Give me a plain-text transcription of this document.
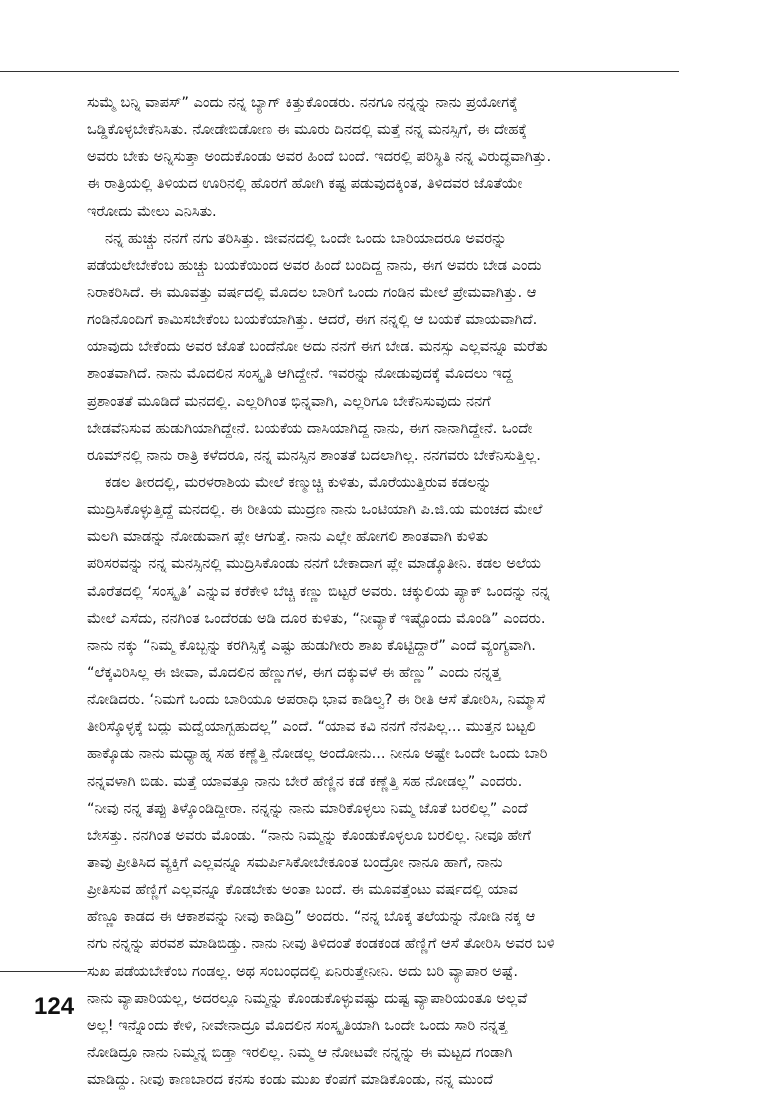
ಸುಮ್ಮೆ ಬನ್ನಿ ವಾಪಸ್” ಎಂದು ನನ್ನ ಬ್ಯಾಗ್ ಕಿತ್ತುಕೊಂಡರು. ನನಗೂ ನನ್ನನ್ನು ನಾನು ಪ್ರಯೋಗಕ್ಕೆ
ಒಡ್ಡಿಕೊಳ್ಳಬೇಕೆನಿಸಿತು. ನೋಡೇಬಿಡೋಣ ಈ ಮೂರು ದಿನದಲ್ಲಿ ಮತ್ತೆ ನನ್ನ ಮನಸ್ಸಿಗೆ, ಈ ದೇಹಕ್ಕೆ
ಅವರು ಬೇಕು ಅನ್ನಿಸುತ್ತಾ ಅಂದುಕೊಂಡು ಅವರ ಹಿಂದೆ ಬಂದೆ. ಇದರಲ್ಲಿ ಪರಿಸ್ಥಿತಿ ನನ್ನ ವಿರುದ್ಧವಾಗಿತ್ತು.
ಈ ರಾತ್ರಿಯಲ್ಲಿ ತಿಳಿಯದ ಊರಿನಲ್ಲಿ ಹೊರಗೆ ಹೋಗಿ ಕಷ್ಟ ಪಡುವುದಕ್ಕಿಂತ, ತಿಳಿದವರ ಜೊತೆಯೇ
ಇರೋದು ಮೇಲು ಎನಿಸಿತು.
ನನ್ನ ಹುಚ್ಚು ನನಗೆ ನಗು ತರಿಸಿತ್ತು. ಜೀವನದಲ್ಲಿ ಒಂದೇ ಒಂದು ಬಾರಿಯಾದರೂ ಅವರನ್ನು
ಪಡೆಯಲೇಬೇಕೆಂಬ ಹುಚ್ಚು ಬಯಕೆಯಿಂದ ಅವರ ಹಿಂದೆ ಬಂದಿದ್ದ ನಾನು, ಈಗ ಅವರು ಬೇಡ ಎಂದು
ನಿರಾಕರಿಸಿದೆ. ಈ ಮೂವತ್ತು ವರ್ಷದಲ್ಲಿ ಮೊದಲ ಬಾರಿಗೆ ಒಂದು ಗಂಡಿನ ಮೇಲೆ ಪ್ರೇಮವಾಗಿತ್ತು. ಆ
ಗಂಡಿನೊಂದಿಗೆ ಕಾಮಿಸಬೇಕೆಂಬ ಬಯಕೆಯಾಗಿತ್ತು. ಆದರೆ, ಈಗ ನನ್ನಲ್ಲಿ ಆ ಬಯಕೆ ಮಾಯವಾಗಿದೆ.
ಯಾವುದು ಬೇಕೆಂದು ಅವರ ಜೊತೆ ಬಂದೆನೋ ಅದು ನನಗೆ ಈಗ ಬೇಡ. ಮನಸ್ಸು ಎಲ್ಲವನ್ನೂ ಮರೆತು
ಶಾಂತವಾಗಿದೆ. ನಾನು ಮೊದಲಿನ ಸಂಸ್ಕೃತಿ ಆಗಿದ್ದೇನೆ. ಇವರನ್ನು ನೋಡುವುದಕ್ಕೆ ಮೊದಲು ಇದ್ದ
ಪ್ರಶಾಂತತೆ ಮೂಡಿದೆ ಮನದಲ್ಲಿ. ಎಲ್ಲರಿಗಿಂತ ಭಿನ್ನವಾಗಿ, ಎಲ್ಲರಿಗೂ ಬೇಕೆನಿಸುವುದು ನನಗೆ
ಬೇಡವೆನಿಸುವ ಹುಡುಗಿಯಾಗಿದ್ದೇನೆ. ಬಯಕೆಯ ದಾಸಿಯಾಗಿದ್ದ ನಾನು, ಈಗ ನಾನಾಗಿದ್ದೇನೆ. ಒಂದೇ
ರೂಮ್‌ನಲ್ಲಿ ನಾನು ರಾತ್ರಿ ಕಳೆದರೂ, ನನ್ನ ಮನಸ್ಸಿನ ಶಾಂತತೆ ಬದಲಾಗಿಲ್ಲ. ನನಗವರು ಬೇಕೆನಿಸುತ್ತಿಲ್ಲ.
ಕಡಲ ತೀರದಲ್ಲಿ, ಮರಳರಾಶಿಯ ಮೇಲೆ ಕಣ್ಮುಚ್ಚಿ ಕುಳಿತು, ಮೊರೆಯುತ್ತಿರುವ ಕಡಲನ್ನು
ಮುದ್ರಿಸಿಕೊಳ್ಳುತ್ತಿದ್ದೆ ಮನದಲ್ಲಿ. ಈ ರೀತಿಯ ಮುದ್ರಣ ನಾನು ಒಂಟಿಯಾಗಿ ಪಿ.ಜಿ.ಯ ಮಂಚದ ಮೇಲೆ
ಮಲಗಿ ಮಾಡನ್ನು ನೋಡುವಾಗ ಪ್ಲೇ ಆಗುತ್ತೆ. ನಾನು ಎಲ್ಲೇ ಹೋಗಲಿ ಶಾಂತವಾಗಿ ಕುಳಿತು
ಪರಿಸರವನ್ನು ನನ್ನ ಮನಸ್ಸಿನಲ್ಲಿ ಮುದ್ರಿಸಿಕೊಂಡು ನನಗೆ ಬೇಕಾದಾಗ ಪ್ಲೇ ಮಾಡ್ಕೊತೀನಿ. ಕಡಲ ಅಲೆಯ
ಮೊರೆತದಲ್ಲಿ ‘ಸಂಸ್ಕೃತಿ’ ಎನ್ನುವ ಕರೆಕೇಳಿ ಬೆಚ್ಚಿ ಕಣ್ಣು ಬಿಟ್ಟರೆ ಅವರು. ಚಕ್ಕುಲಿಯ ಪ್ಯಾಕ್ ಒಂದನ್ನು ನನ್ನ
ಮೇಲೆ ಎಸೆದು, ನನಗಿಂತ ಒಂದೆರಡು ಅಡಿ ದೂರ ಕುಳಿತು, “ನೀವ್ಯಾಕೆ ಇಷ್ಟೊಂದು ಮೊಂಡಿ” ಎಂದರು.
ನಾನು ನಕ್ಕು “ನಿಮ್ಮ ಕೊಬ್ಬನ್ನು ಕರಗಿಸ್ಸಿಕ್ಕೆ ಎಷ್ಟು ಹುಡುಗೀರು ಶಾಖ ಕೊಟ್ಟಿದ್ದಾರೆ” ಎಂದೆ ವ್ಯಂಗ್ಯವಾಗಿ.
“ಲೆಕ್ಕವಿರಿಸಿಲ್ಲ ಈ ಜೀವಾ, ಮೊದಲಿನ ಹೆಣ್ಣುಗಳ, ಈಗ ದಕ್ಕುವಳೆ ಈ ಹೆಣ್ಣು” ಎಂದು ನನ್ನತ್ತ
ನೋಡಿದರು. ‘ನಿಮಗೆ ಒಂದು ಬಾರಿಯೂ ಅಪರಾಧಿ ಭಾವ ಕಾಡಿಲ್ವ? ಈ ರೀತಿ ಆಸೆ ತೋರಿಸಿ, ನಿಮ್ಮಾಸೆ
ತೀರಿಸ್ಕೊಳ್ಳಕ್ಕೆ ಬದ್ಲು ಮದ್ವೆಯಾಗ್ಬಹುದಲ್ಲ” ಎಂದೆ. “ಯಾವ ಕವಿ ನನಗೆ ನೆನಪಿಲ್ಲ... ಮುತ್ತನ ಬಟ್ಟಲಿ
ಹಾಕ್ಕೊಡು ನಾನು ಮಧ್ಯಾಹ್ನ ಸಹ ಕಣ್ಣೆತ್ತಿ ನೋಡಲ್ಲ ಅಂದೋನು... ನೀನೂ ಅಷ್ಟೇ ಒಂದೇ ಒಂದು ಬಾರಿ
ನನ್ನವಳಾಗಿ ಬಿಡು. ಮತ್ತೆ ಯಾವತ್ತೂ ನಾನು ಬೇರೆ ಹೆಣ್ಣಿನ ಕಡೆ ಕಣ್ಣೆತ್ತಿ ಸಹ ನೋಡಲ್ಲ” ಎಂದರು.
“ನೀವು ನನ್ನ ತಪ್ಪು ತಿಳ್ಕೊಂಡಿದ್ದೀರಾ. ನನ್ನನ್ನು ನಾನು ಮಾರಿಕೊಳ್ಳಲು ನಿಮ್ಮ ಜೊತೆ ಬರಲಿಲ್ಲ” ಎಂದೆ
ಬೇಸತ್ತು. ನನಗಿಂತ ಅವರು ಮೊಂಡು. “ನಾನು ನಿಮ್ಮನ್ನು ಕೊಂಡುಕೊಳ್ಳಲೂ ಬರಲಿಲ್ಲ. ನೀವೂ ಹೇಗೆ
ತಾವು ಪ್ರೀತಿಸಿದ ವ್ಯಕ್ತಿಗೆ ಎಲ್ಲವನ್ನೂ ಸಮರ್ಪಿಸಿಕೋಬೇಕೂಂತ ಬಂದ್ರೋ ನಾನೂ ಹಾಗೆ, ನಾನು
ಪ್ರೀತಿಸುವ ಹೆಣ್ಣಿಗೆ ಎಲ್ಲವನ್ನೂ ಕೊಡಬೇಕು ಅಂತಾ ಬಂದೆ. ಈ ಮೂವತ್ತೆಂಟು ವರ್ಷದಲ್ಲಿ ಯಾವ
ಹೆಣ್ಣೂ ಕಾಡದ ಈ ಆಕಾಶವನ್ನು ನೀವು ಕಾಡಿದ್ರಿ” ಅಂದರು. “ನನ್ನ ಬೊಕ್ಕ ತಲೆಯನ್ನು ನೋಡಿ ನಕ್ಕ ಆ
ನಗು ನನ್ನನ್ನು ಪರವಶ ಮಾಡಿಬಿಡ್ತು. ನಾನು ನೀವು ತಿಳಿದಂತೆ ಕಂಡಕಂಡ ಹೆಣ್ಣಿಗೆ ಆಸೆ ತೋರಿಸಿ ಅವರ ಬಳಿ
ಸುಖ ಪಡೆಯಬೇಕೆಂಬ ಗಂಡಲ್ಲ. ಅಥ ಸಂಬಂಧದಲ್ಲಿ ಏನಿರುತ್ತೇನೀನಿ. ಅದು ಬರಿ ವ್ಯಾಪಾರ ಅಷ್ಟೆ.
ನಾನು ವ್ಯಾಪಾರಿಯಲ್ಲ, ಅದರಲ್ಲೂ ನಿಮ್ಮನ್ನು ಕೊಂಡುಕೊಳ್ಳುವಷ್ಟು ದುಷ್ಟ ವ್ಯಾಪಾರಿಯಂತೂ ಅಲ್ಲವೆ
ಅಲ್ಲ! ಇನ್ನೊಂದು ಕೇಳಿ, ನೀವೇನಾದ್ರೂ ಮೊದಲಿನ ಸಂಸ್ಕೃತಿಯಾಗಿ ಒಂದೇ ಒಂದು ಸಾರಿ ನನ್ನತ್ತ
ನೋಡಿದ್ರೂ ನಾನು ನಿಮ್ಮನ್ನ ಬಿಡ್ತಾ ಇರಲಿಲ್ಲ. ನಿಮ್ಮ ಆ ನೋಟವೇ ನನ್ನನ್ನು ಈ ಮಟ್ಟದ ಗಂಡಾಗಿ
ಮಾಡಿದ್ದು. ನೀವು ಕಾಣಬಾರದ ಕನಸು ಕಂಡು ಮುಖ ಕೆಂಪಗೆ ಮಾಡಿಕೊಂಡು, ನನ್ನ ಮುಂದೆ
124
